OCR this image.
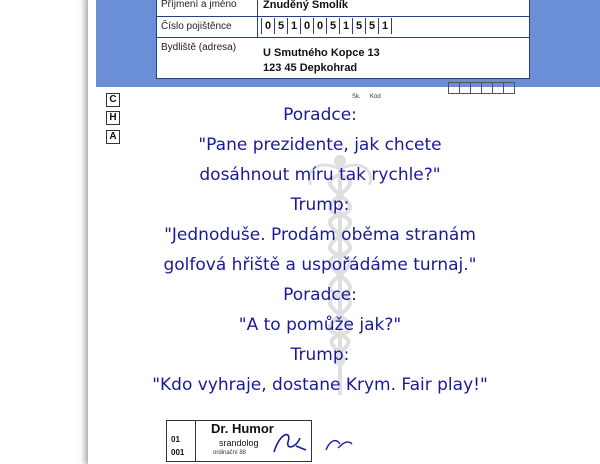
Příjmení a jméno Znuděný Smolík
Číslo pojištěnce	0 5 1 0 0 5 1 5 5 1
Bydliště (adresa) U Smutného Kopce 13
123 45 Depkohrad
Sk. Kód
C
H
A
Poradce:
"Pane prezidente, jak chcete
dosáhnout míru tak rychle?"
Trump:
"Jednoduše. Prodám oběma stranám
golfová hřiště a uspořádáme turnaj."
Poradce:
"A to pomůže jak?"
Trump:
"Kdo vyhraje, dostane Krym. Fair play!"
01
001
Dr. Humor
srandolog
ordinační 88
